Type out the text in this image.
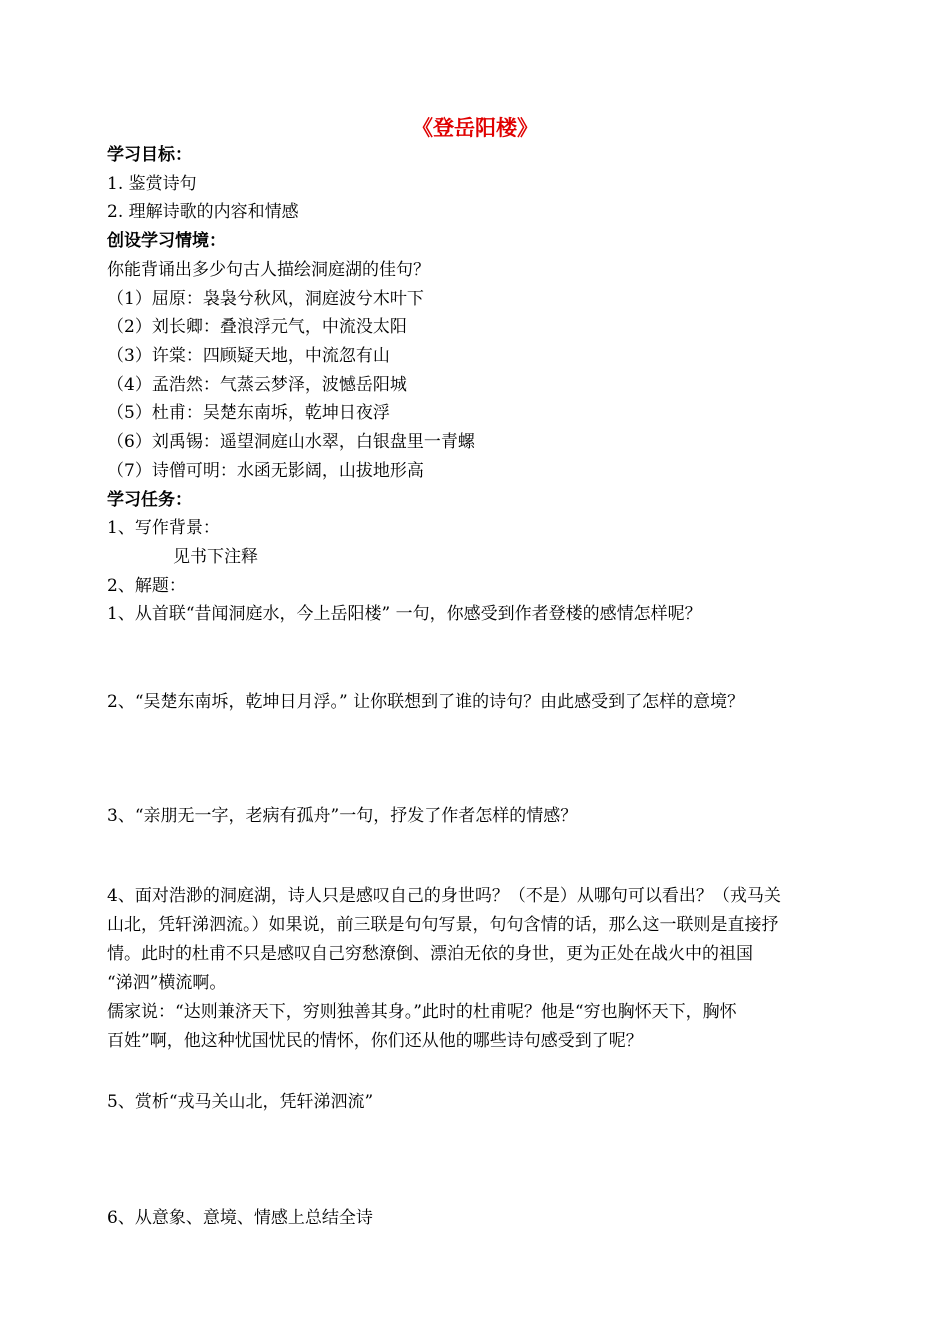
《登岳阳楼》
学习目标：
1. 鉴赏诗句
2. 理解诗歌的内容和情感
创设学习情境：
你能背诵出多少句古人描绘洞庭湖的佳句？
（1）屈原：袅袅兮秋风，洞庭波兮木叶下
（2）刘长卿：叠浪浮元气，中流没太阳
（3）许棠：四顾疑天地，中流忽有山
（4）孟浩然：气蒸云梦泽，波憾岳阳城
（5）杜甫：吴楚东南坼，乾坤日夜浮
（6）刘禹锡：遥望洞庭山水翠，白银盘里一青螺
（7）诗僧可明：水函无影阔，山拔地形高
学习任务：
1、写作背景：
见书下注释
2、解题：
1、从首联“昔闻洞庭水，今上岳阳楼” 一句，你感受到作者登楼的感情怎样呢？
2、“吴楚东南坼，乾坤日月浮。” 让你联想到了谁的诗句？由此感受到了怎样的意境？
3、“亲朋无一字，老病有孤舟”一句，抒发了作者怎样的情感？
4、面对浩渺的洞庭湖，诗人只是感叹自己的身世吗？（不是）从哪句可以看出？（戎马关
山北，凭轩涕泗流。）如果说，前三联是句句写景，句句含情的话，那么这一联则是直接抒
情。此时的杜甫不只是感叹自己穷愁潦倒、漂泊无依的身世，更为正处在战火中的祖国
“涕泗”横流啊。
儒家说：“达则兼济天下，穷则独善其身。”此时的杜甫呢？他是“穷也胸怀天下，胸怀
百姓”啊，他这种忧国忧民的情怀，你们还从他的哪些诗句感受到了呢？
5、赏析“戎马关山北，凭轩涕泗流”
6、从意象、意境、情感上总结全诗
